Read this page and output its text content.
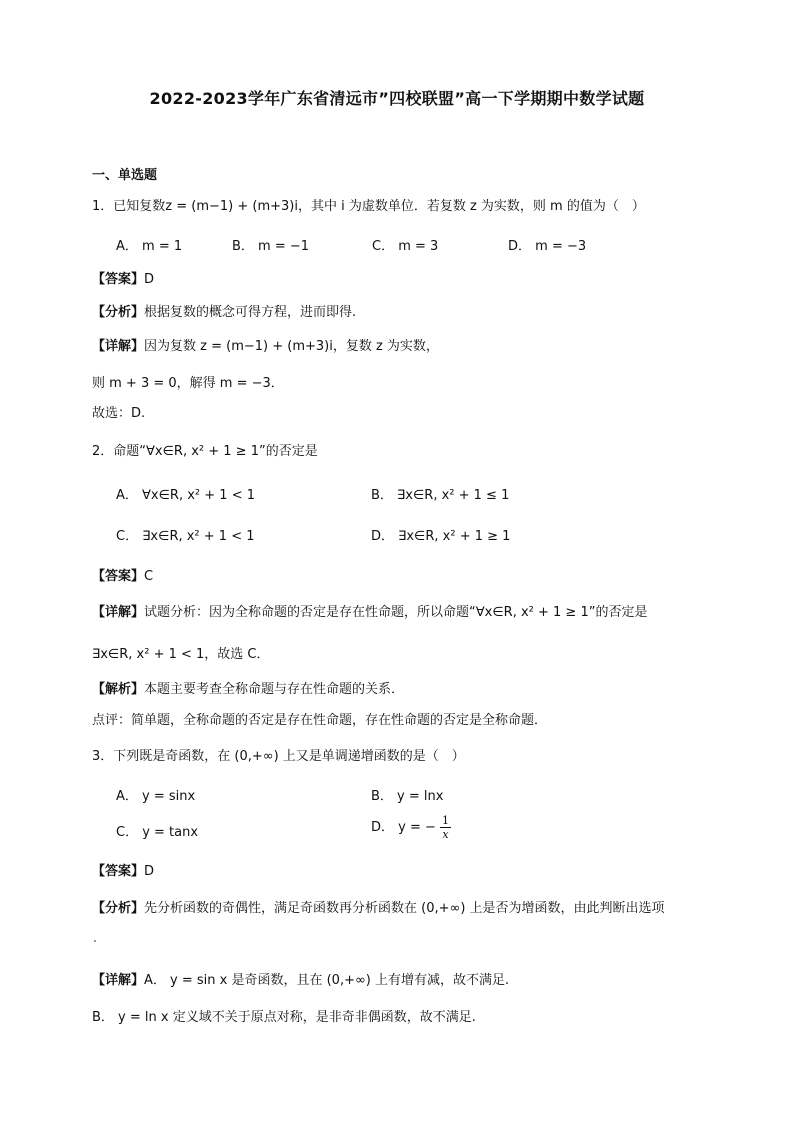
2022-2023学年广东省清远市”四校联盟”高一下学期期中数学试题
一、单选题
1．已知复数z = (m−1) + (m+3)i，其中 i 为虚数单位．若复数 z 为实数，则 m 的值为（　）
A． m = 1	B． m = −1	C． m = 3	D． m = −3
【答案】D
【分析】根据复数的概念可得方程，进而即得.
【详解】因为复数 z = (m−1) + (m+3)i，复数 z 为实数，
则 m + 3 = 0，解得 m = −3．
故选：D.
2．命题“∀x∈R, x² + 1 ≥ 1”的否定是
A． ∀x∈R, x² + 1 < 1	B． ∃x∈R, x² + 1 ≤ 1
C． ∃x∈R, x² + 1 < 1	D． ∃x∈R, x² + 1 ≥ 1
【答案】C
【详解】试题分析：因为全称命题的否定是存在性命题，所以命题“∀x∈R, x² + 1 ≥ 1”的否定是
∃x∈R, x² + 1 < 1，故选 C．
【解析】本题主要考查全称命题与存在性命题的关系．
点评：简单题，全称命题的否定是存在性命题，存在性命题的否定是全称命题．
3．下列既是奇函数，在 (0,+∞) 上又是单调递增函数的是（　）
A． y = sinx	B． y = lnx
C． y = tanx	D． y = − $\frac{1}{x}$
【答案】D
【分析】先分析函数的奇偶性，满足奇函数再分析函数在 (0,+∞) 上是否为增函数，由此判断出选项
【详解】A． y = sin x 是奇函数，且在 (0,+∞) 上有增有减，故不满足.
B． y = ln x 定义域不关于原点对称，是非奇非偶函数，故不满足.
